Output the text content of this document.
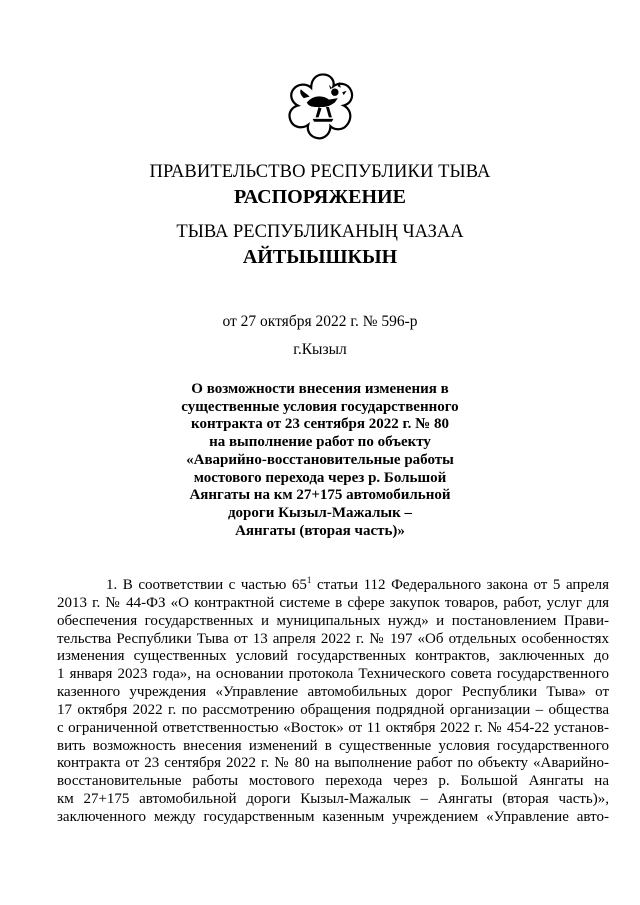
ПРАВИТЕЛЬСТВО РЕСПУБЛИКИ ТЫВА
РАСПОРЯЖЕНИЕ
ТЫВА РЕСПУБЛИКАНЫҢ ЧАЗАА
АЙТЫЫШКЫН
от 27 октября 2022 г. № 596-р
г.Кызыл
О возможности внесения изменения в
существенные условия государственного
контракта от 23 сентября 2022 г. № 80
на выполнение работ по объекту
«Аварийно-восстановительные работы
мостового перехода через р. Большой
Аянгаты на км 27+175 автомобильной
дороги Кызыл-Мажалык –
Аянгаты (вторая часть)»
1. В соответствии с частью $65^1$ статьи 112 Федерального закона от 5 апреля
2013 г. № 44-ФЗ «О контрактной системе в сфере закупок товаров, работ, услуг для
обеспечения государственных и муниципальных нужд» и постановлением Прави-
тельства Республики Тыва от 13 апреля 2022 г. № 197 «Об отдельных особенностях
изменения существенных условий государственных контрактов, заключенных до
1 января 2023 года», на основании протокола Технического совета государственного
казенного учреждения «Управление автомобильных дорог Республики Тыва» от
17 октября 2022 г. по рассмотрению обращения подрядной организации – общества
с ограниченной ответственностью «Восток» от 11 октября 2022 г. № 454-22 установ-
вить возможность внесения изменений в существенные условия государственного
контракта от 23 сентября 2022 г. № 80 на выполнение работ по объекту «Аварийно-
восстановительные работы мостового перехода через р. Большой Аянгаты на
км 27+175 автомобильной дороги Кызыл-Мажалык – Аянгаты (вторая часть)»,
заключенного между государственным казенным учреждением «Управление авто-
